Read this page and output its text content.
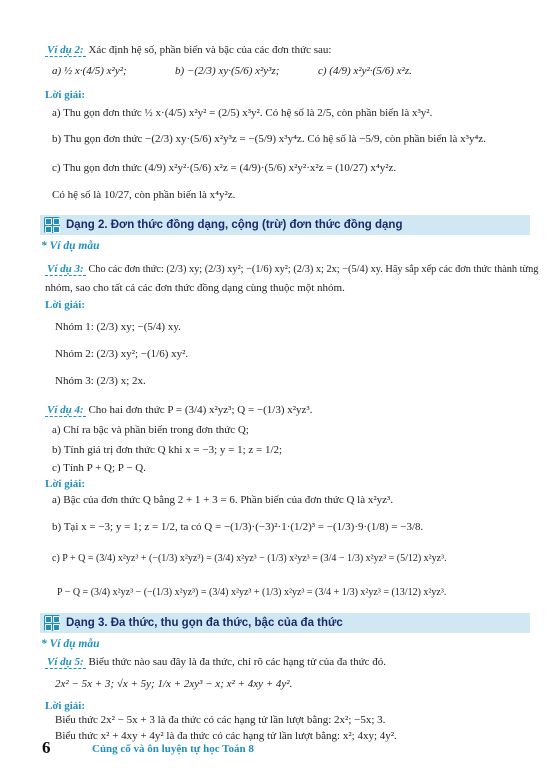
Ví dụ 2: Xác định hệ số, phần biến và bậc của các đơn thức sau:
a) ½ x·(4/5) x²y²;	b) −(2/3) xy·(5/6) x²y³z;	c) (4/9) x²y²·(5/6) x²z.
Lời giải:
a) Thu gọn đơn thức ½ x·(4/5) x²y² = (2/5) x³y². Có hệ số là 2/5, còn phần biến là x³y².
b) Thu gọn đơn thức −(2/3) xy·(5/6) x²y³z = −(5/9) x³y⁴z. Có hệ số là −5/9, còn phần biến là x³y⁴z.
c) Thu gọn đơn thức (4/9) x²y²·(5/6) x²z = (4/9)·(5/6) x²y²·x²z = (10/27) x⁴y²z.
Có hệ số là 10/27, còn phần biến là x⁴y²z.
Dạng 2. Đơn thức đồng dạng, cộng (trừ) đơn thức đồng dạng
* Ví dụ mẫu
Ví dụ 3: Cho các đơn thức: (2/3) xy; (2/3) xy²; −(1/6) xy²; (2/3) x; 2x; −(5/4) xy. Hãy sắp xếp các đơn thức thành từng
nhóm, sao cho tất cả các đơn thức đồng dạng cùng thuộc một nhóm.
Lời giải:
Nhóm 1: (2/3) xy; −(5/4) xy.
Nhóm 2: (2/3) xy²; −(1/6) xy².
Nhóm 3: (2/3) x; 2x.
Ví dụ 4: Cho hai đơn thức P = (3/4) x²yz³; Q = −(1/3) x²yz³.
a) Chỉ ra bậc và phần biến trong đơn thức Q;
b) Tính giá trị đơn thức Q khi x = −3; y = 1; z = 1/2;
c) Tính P + Q; P − Q.
Lời giải:
a) Bậc của đơn thức Q bằng 2 + 1 + 3 = 6. Phần biến của đơn thức Q là x²yz³.
b) Tại x = −3; y = 1; z = 1/2, ta có Q = −(1/3)·(−3)²·1·(1/2)³ = −(1/3)·9·(1/8) = −3/8.
c) P + Q = (3/4) x²yz³ + (−(1/3) x²yz³) = (3/4) x²yz³ − (1/3) x²yz³ = (3/4 − 1/3) x²yz³ = (5/12) x²yz³.
P − Q = (3/4) x²yz³ − (−(1/3) x²yz³) = (3/4) x²yz³ + (1/3) x²yz³ = (3/4 + 1/3) x²yz³ = (13/12) x²yz³.
Dạng 3. Đa thức, thu gọn đa thức, bậc của đa thức
* Ví dụ mẫu
Ví dụ 5: Biểu thức nào sau đây là đa thức, chỉ rõ các hạng tử của đa thức đó.
2x² − 5x + 3; √x + 5y; 1/x + 2xy³ − x; x² + 4xy + 4y².
Lời giải:
Biểu thức 2x² − 5x + 3 là đa thức có các hạng tử lần lượt bằng: 2x²; −5x; 3.
Biểu thức x² + 4xy + 4y² là đa thức có các hạng tử lần lượt bằng: x²; 4xy; 4y².
6	Củng cố và ôn luyện tự học Toán 8
